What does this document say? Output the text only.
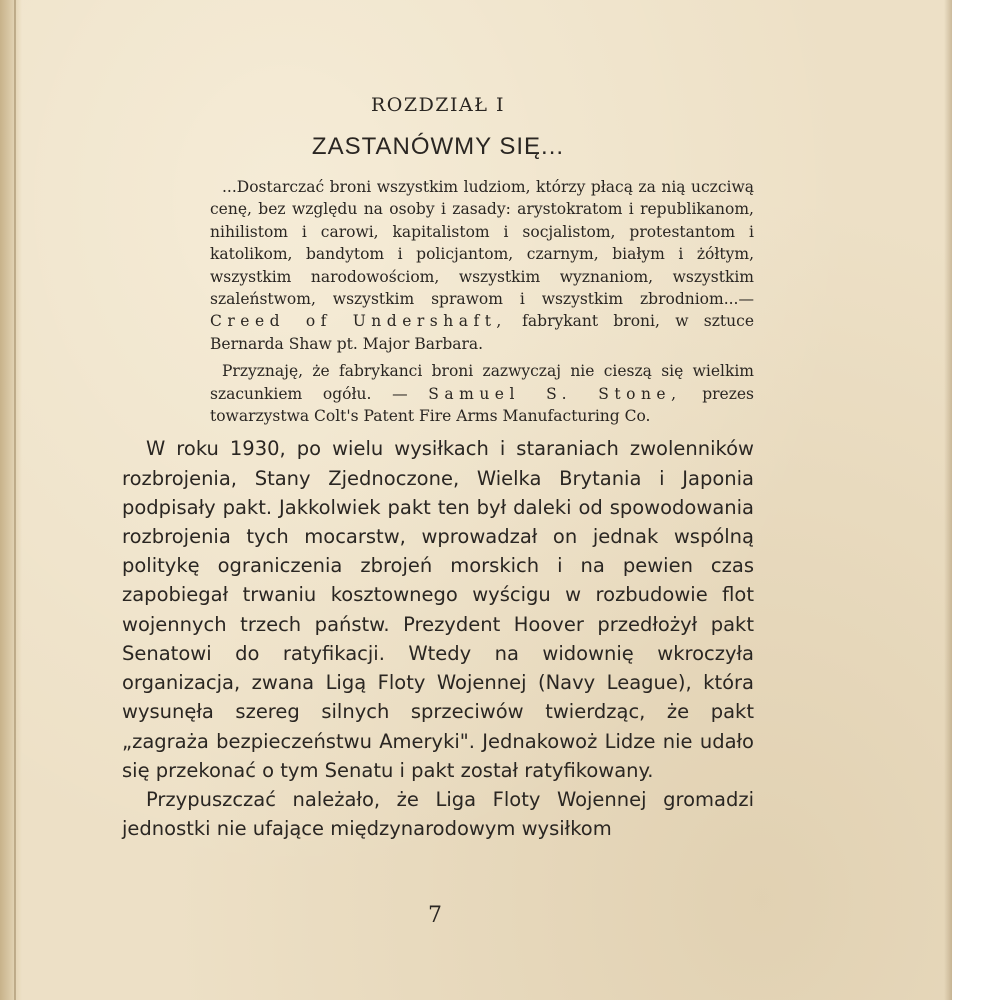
ROZDZIAŁ I
ZASTANÓWMY SIĘ...

...Dostarczać broni wszystkim ludziom, którzy płacą za nią uczciwą cenę, bez względu na osoby i zasady: arystokratom i republikanom, nihilistom i carowi, kapitalistom i socjalistom, protestantom i katolikom, bandytom i policjantom, czarnym, białym i żółtym, wszystkim narodowościom, wszystkim wyznaniom, wszystkim szaleństwom, wszystkim sprawom i wszystkim zbrodniom...—Creed of Undershaft, fabrykant broni, w sztuce Bernarda Shaw pt. Major Barbara.

Przyznaję, że fabrykanci broni zazwyczaj nie cieszą się wielkim szacunkiem ogółu. — Samuel S. Stone, prezes towarzystwa Colt's Patent Fire Arms Manufacturing Co.

W roku 1930, po wielu wysiłkach i staraniach zwolenników rozbrojenia, Stany Zjednoczone, Wielka Brytania i Japonia podpisały pakt. Jakkolwiek pakt ten był daleki od spowodowania rozbrojenia tych mocarstw, wprowadzał on jednak wspólną politykę ograniczenia zbrojeń morskich i na pewien czas zapobiegał trwaniu kosztownego wyścigu w rozbudowie flot wojennych trzech państw. Prezydent Hoover przedłożył pakt Senatowi do ratyfikacji. Wtedy na widownię wkroczyła organizacja, zwana Ligą Floty Wojennej (Navy League), która wysunęła szereg silnych sprzeciwów twierdząc, że pakt „zagraża bezpieczeństwu Ameryki". Jednakowoż Lidze nie udało się przekonać o tym Senatu i pakt został ratyfikowany.

Przypuszczać należało, że Liga Floty Wojennej gromadzi jednostki nie ufające międzynarodowym wysiłkom

7
